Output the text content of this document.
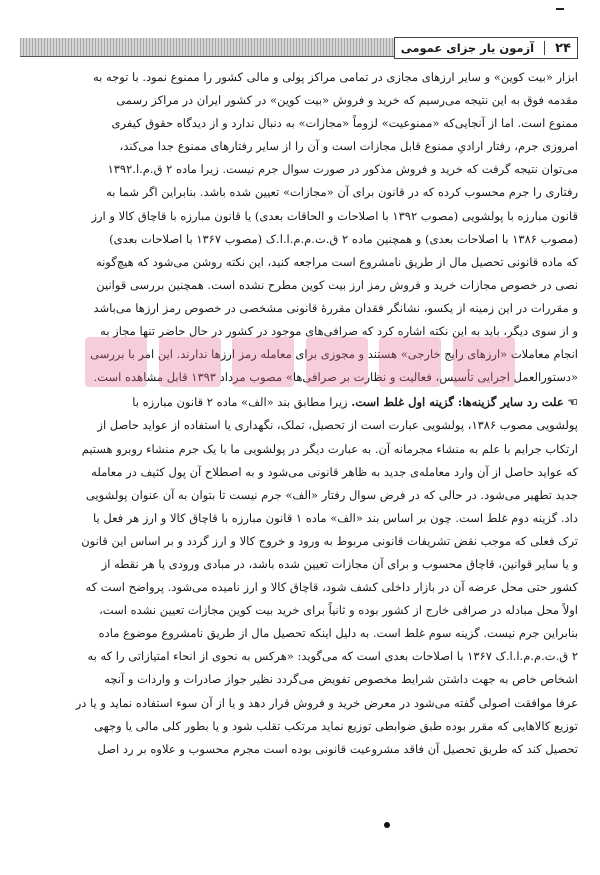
۲۴
آزمون یار جزای عمومی

ابزار «بیت کوین» و سایر ارزهای مجازی در تمامی مراکز پولی و مالی کشور را ممنوع نمود. با توجه به

مقدمه فوق به این نتیجه می‌رسیم که خرید و فروش «بیت کوین» در کشور ایران در مراکز رسمی

ممنوع است. اما از آنجایی‌که «ممنوعیت» لزوماً «مجازات» به دنبال ندارد و از دیدگاه حقوق کیفری

امروزی جرم، رفتار ارادیِ ممنوع قابل مجازات است و آن را از سایر رفتارهای ممنوع جدا می‌کند،

می‌توان نتیجه گرفت که خرید و فروش مذکور در صورت سوال جرم نیست. زیرا ماده ۲ ق.م.ا.۱۳۹۲

رفتاری را جرم محسوب کرده که در قانون برای آن «مجازات» تعیین شده باشد. بنابراین اگر شما به

قانون مبارزه با پولشویی (مصوب ۱۳۹۲ با اصلاحات و الحاقات بعدی) یا قانون مبارزه با قاچاق کالا و ارز

(مصوب ۱۳۸۶ با اصلاحات بعدی) و همچنین ماده ۲ ق.ت.م.م.ا.ا.ک (مصوب ۱۳۶۷ با اصلاحات بعدی)

که ماده قانونی تحصیل مال از طریق نامشروع است مراجعه کنید، این نکته روشن می‌شود که هیچ‌گونه

نصی در خصوص مجازات خرید و فروش رمز ارز بیت کوین مطرح نشده است. همچنین بررسی قوانین

و مقررات در این زمینه از یکسو، نشانگر فقدان مقررهٔ قانونی مشخصی در خصوص رمز ارزها می‌باشد

و از سوی دیگر، باید به این نکته اشاره کرد که صرافی‌های موجود در کشور در حال حاضر تنها مجاز به

انجام معاملات «ارزهای رایج خارجی» هستند و مجوزی برای معامله رمز ارزها ندارند. این امر با بررسی

«دستورالعمل اجرایی تأسیس، فعالیت و نظارت بر صرافی‌ها» مصوب مرداد ۱۳۹۳ قابل مشاهده است.

☜ علت رد سایر گزینه‌ها: گزینه اول غلط است. زیرا مطابق بند «الف» ماده ۲ قانون مبارزه با

پولشویی مصوب ۱۳۸۶، پولشویی عبارت است از تحصیل، تملک، نگهداری یا استفاده از عواید حاصل از

ارتکاب جرایم با علم به منشاء مجرمانه آن. به عبارت دیگر در پولشویی ما با یک جرم منشاء روبرو هستیم

که عواید حاصل از آن وارد معامله‌ی جدید به ظاهر قانونی می‌شود و به اصطلاح آن پول کثیف در معامله

جدید تطهیر می‌شود. در حالی که در فرض سوال رفتار «الف» جرم نیست تا بتوان به آن عنوان پولشویی

داد. گزینه دوم غلط است. چون بر اساس بند «الف» ماده ۱ قانون مبارزه با قاچاق کالا و ارز هر فعل یا

ترک فعلی که موجب نقض تشریفات قانونی مربوط به ورود و خروج کالا و ارز گردد و بر اساس این قانون

و یا سایر قوانین، قاچاق محسوب و برای آن مجازات تعیین شده باشد، در مبادی ورودی یا هر نقطه از

کشور حتی محل عرضه آن در بازار داخلی کشف شود، قاچاق کالا و ارز نامیده می‌شود. پرواضح است که

اولاً محل مبادله در صرافی خارج از کشور بوده و ثانیاً برای خرید بیت کوین مجازات تعیین نشده است،

بنابراین جرم نیست. گزینه سوم غلط است. به دلیل اینکه تحصیل مال از طریق نامشروع موضوع ماده

۲ ق.ت.م.م.ا.ا.ک ۱۳۶۷ با اصلاحات بعدی است که می‌گوید: «هرکس به نحوی از انحاء امتیازاتی را که به

اشخاص خاص به جهت داشتن شرایط مخصوص تفویض می‌گردد نظیر جواز صادرات و واردات و آنچه

عرفا موافقت اصولی گفته می‌شود در معرض خرید و فروش قرار دهد و یا از آن سوء استفاده نماید و یا در

توزیع کالاهایی که مقرر بوده طبق ضوابطی توزیع نماید مرتکب تقلب شود و یا بطور کلی مالی یا وجهی

تحصیل کند که طریق تحصیل آن فاقد مشروعیت قانونی بوده است مجرم محسوب و علاوه بر رد اصل
